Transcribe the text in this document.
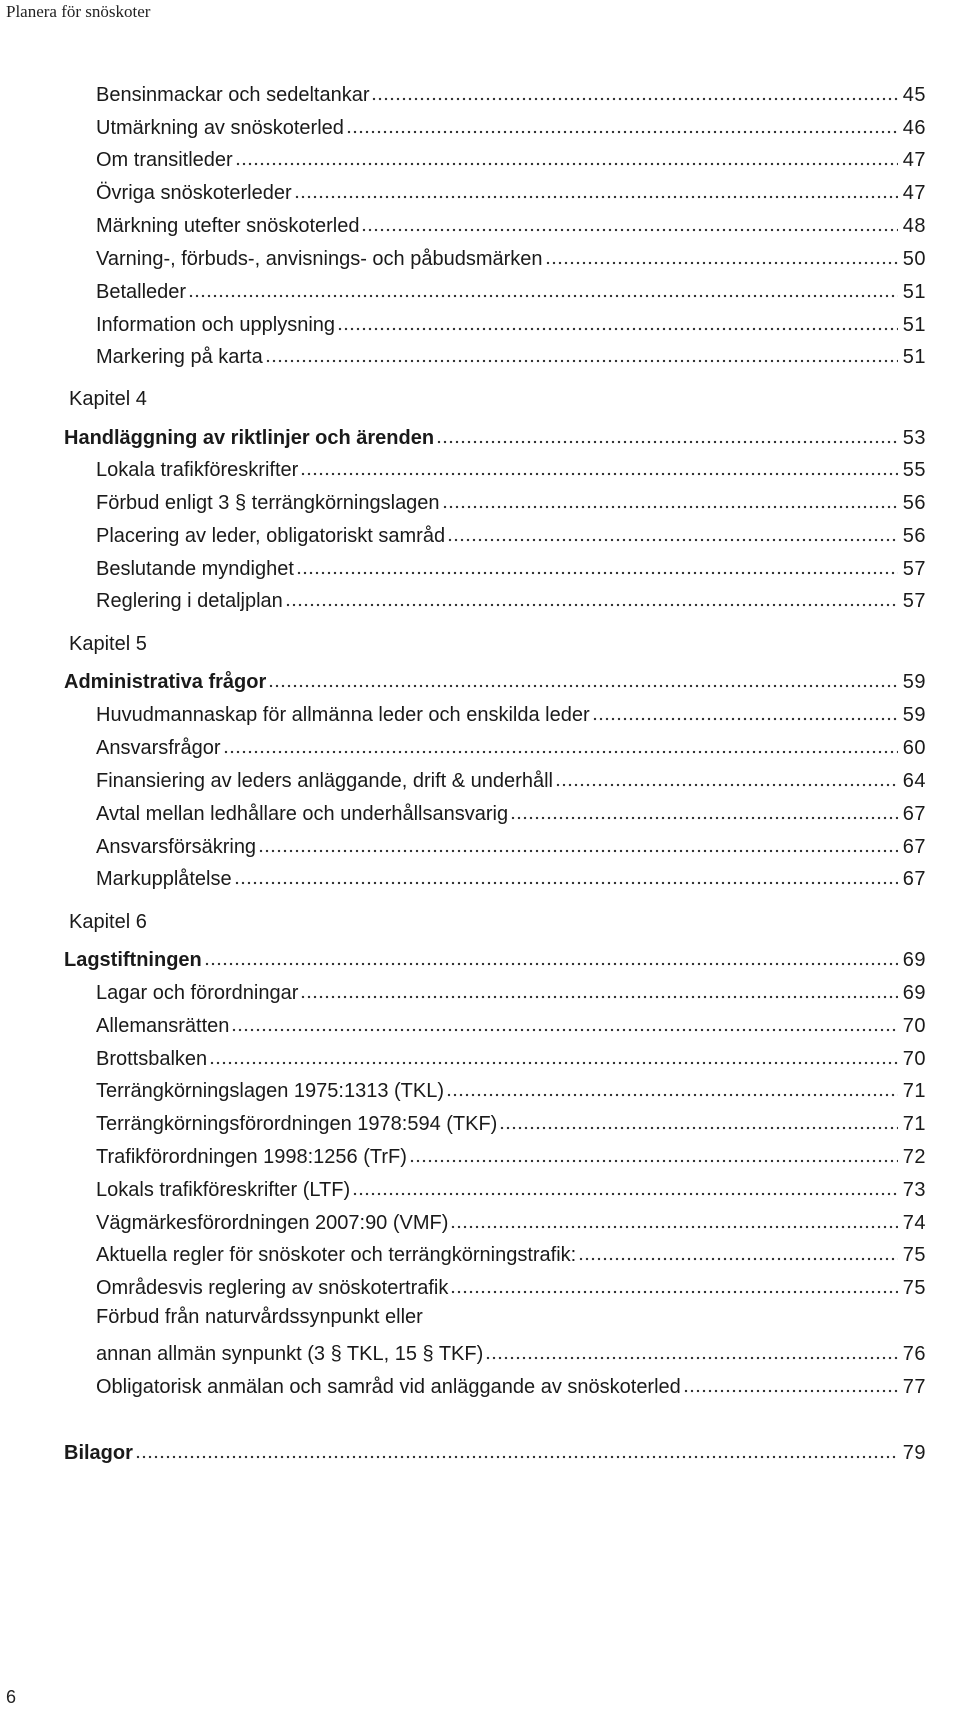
Planera för snöskoter
Bensinmackar och sedeltankar	45
Utmärkning av snöskoterled	46
Om transitleder	47
Övriga snöskoterleder	47
Märkning utefter snöskoterled	48
Varning-, förbuds-, anvisnings- och påbudsmärken	50
Betalleder	51
Information och upplysning	51
Markering på karta	51
Kapitel 4
Handläggning av riktlinjer och ärenden	53
Lokala trafikföreskrifter	55
Förbud enligt 3 § terrängkörningslagen	56
Placering av leder, obligatoriskt samråd	56
Beslutande myndighet	57
Reglering i detaljplan	57
Kapitel 5
Administrativa frågor	59
Huvudmannaskap för allmänna leder och enskilda leder	59
Ansvarsfrågor	60
Finansiering av leders anläggande, drift & underhåll	64
Avtal mellan ledhållare och underhållsansvarig	67
Ansvarsförsäkring	67
Markupplåtelse	67
Kapitel 6
Lagstiftningen	69
Lagar och förordningar	69
Allemansrätten	70
Brottsbalken	70
Terrängkörningslagen 1975:1313 (TKL)	71
Terrängkörningsförordningen 1978:594 (TKF)	71
Trafikförordningen 1998:1256 (TrF)	72
Lokals trafikföreskrifter (LTF)	73
Vägmärkesförordningen 2007:90 (VMF)	74
Aktuella regler för snöskoter och terrängkörningstrafik:	75
Områdesvis reglering av snöskotertrafik	75
Förbud från naturvårdssynpunkt eller
annan allmän synpunkt (3 § TKL, 15 § TKF)	76
Obligatorisk anmälan och samråd vid anläggande av snöskoterled	77
Bilagor	79
6
